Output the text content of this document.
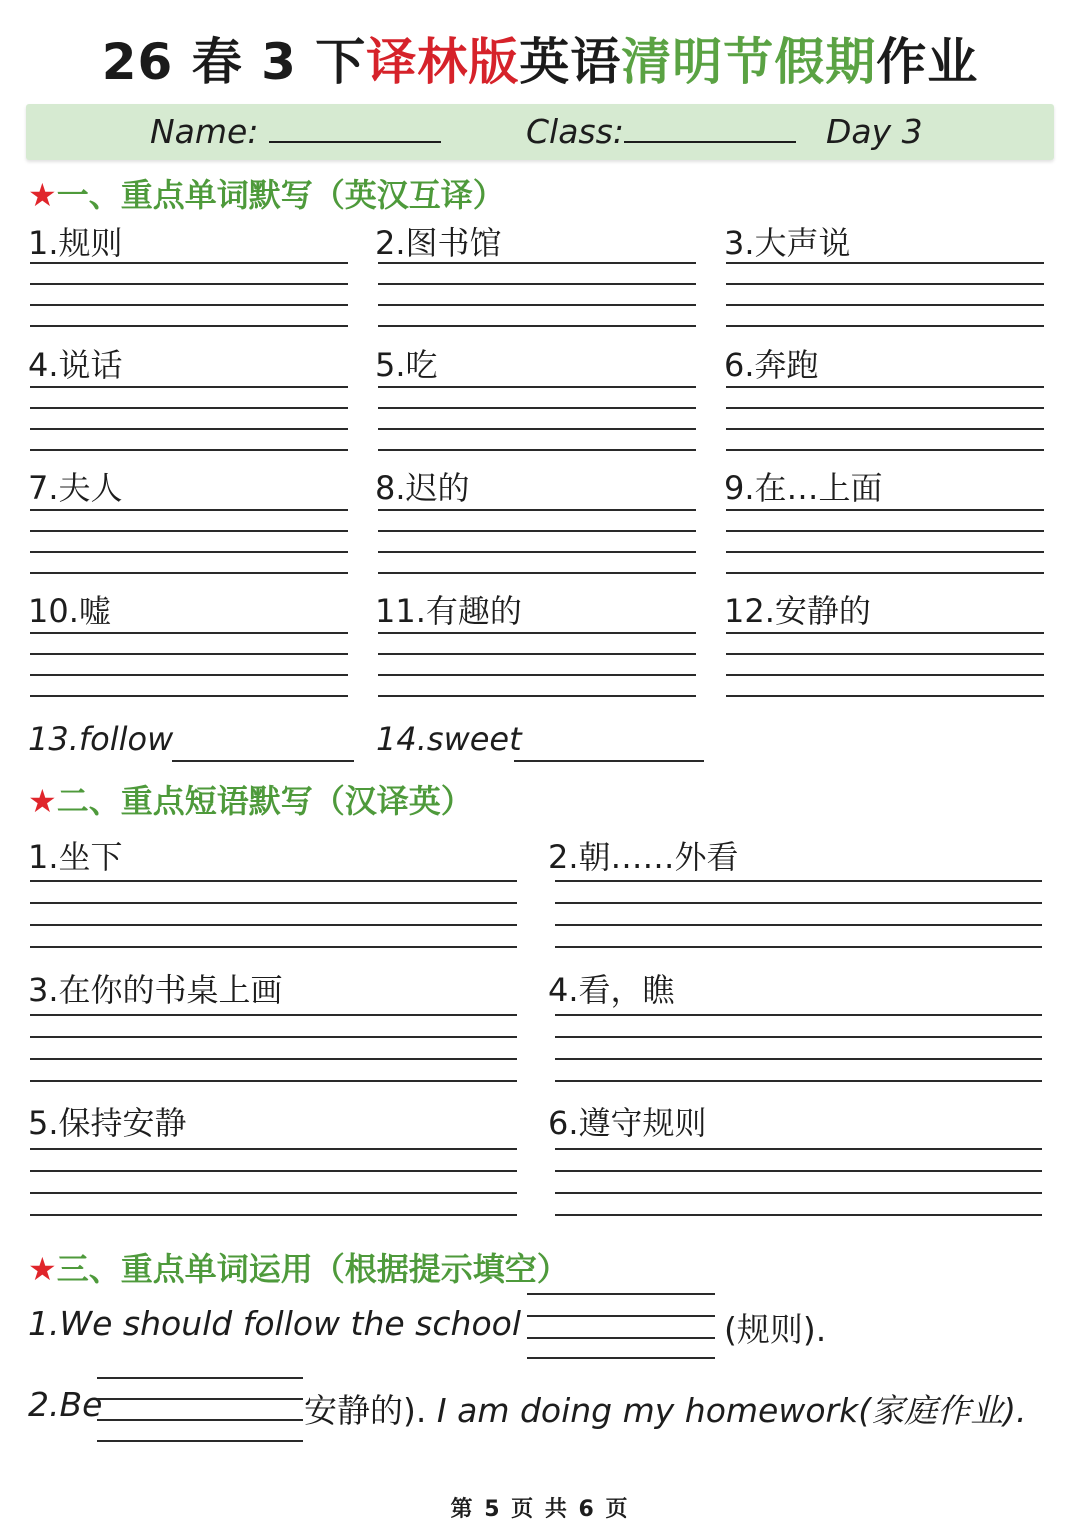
26 春 3 下译林版英语清明节假期作业
Name:	Class:	Day 3
★一、重点单词默写（英汉互译）
1.规则	2.图书馆	3.大声说
4.说话	5.吃	6.奔跑
7.夫人	8.迟的	9.在…上面
10.嘘	11.有趣的	12.安静的
13.follow	14.sweet
★二、重点短语默写（汉译英）
1.坐下	2.朝……外看
3.在你的书桌上画	4.看，瞧
5.保持安静	6.遵守规则
★三、重点单词运用（根据提示填空）
1.We should follow the school	(规则).
2.Be	安静的). I am doing my homework(家庭作业).
第 5 页 共 6 页
